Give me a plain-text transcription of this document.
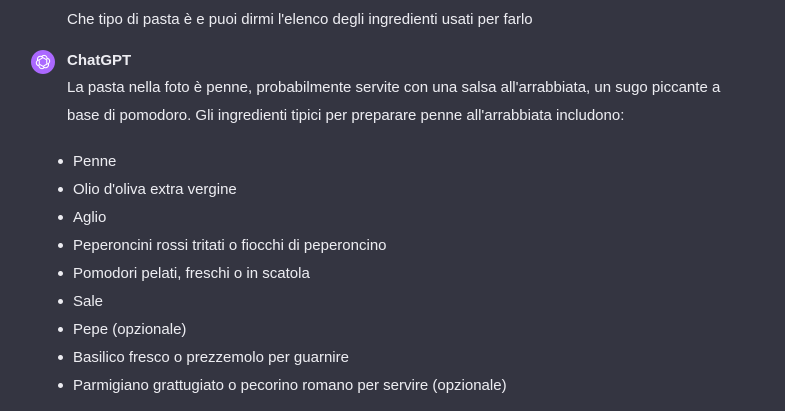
Che tipo di pasta è e puoi dirmi l'elenco degli ingredienti usati per farlo
ChatGPT

La pasta nella foto è penne, probabilmente servite con una salsa all'arrabbiata, un sugo piccante a

base di pomodoro. Gli ingredienti tipici per preparare penne all'arrabbiata includono:

Penne
Olio d'oliva extra vergine
Aglio
Peperoncini rossi tritati o fiocchi di peperoncino
Pomodori pelati, freschi o in scatola
Sale
Pepe (opzionale)
Basilico fresco o prezzemolo per guarnire
Parmigiano grattugiato o pecorino romano per servire (opzionale)
